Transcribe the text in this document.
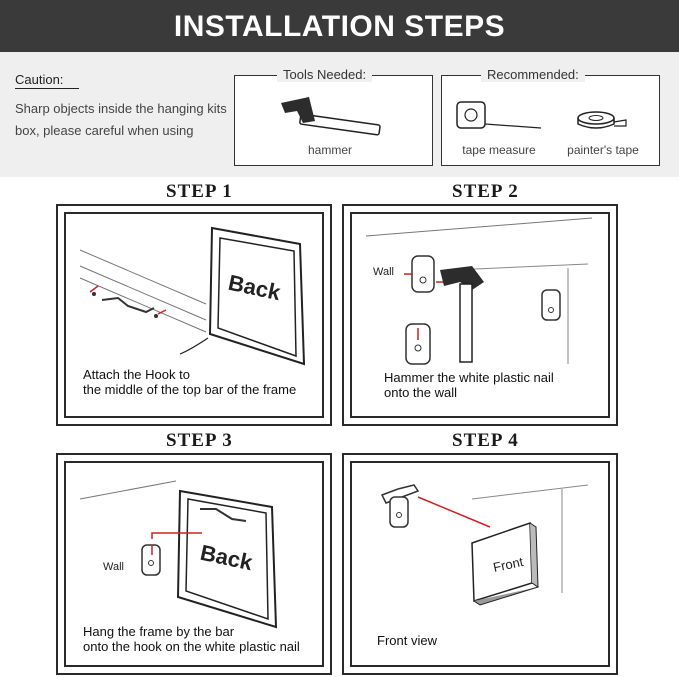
INSTALLATION STEPS
Caution:
Sharp objects inside the hanging kits box, please careful when using
Tools Needed:
hammer
Recommended:
tape measure	painter's tape
STEP 1
Back
Attach the Hook to
the middle of the top bar of the frame
STEP 2
Wall
Hammer the white plastic nail
onto the wall
STEP 3
Wall	Back
Hang the frame by the bar
onto the hook on the white plastic nail
STEP 4
Front
Front view
